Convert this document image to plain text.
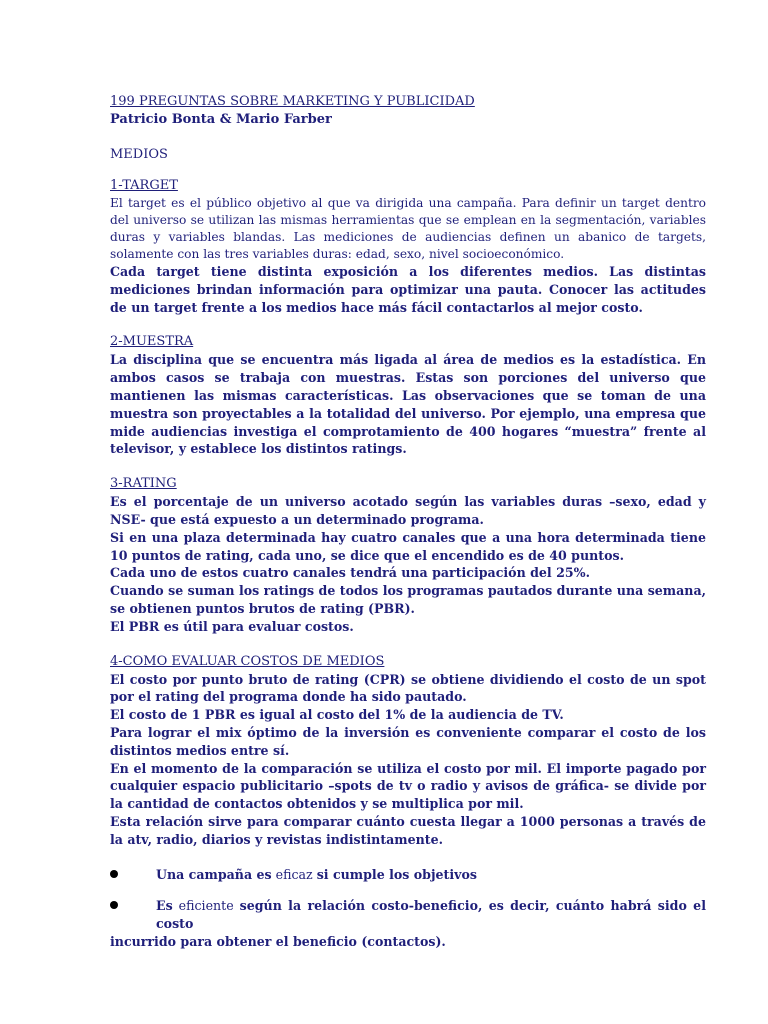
199 PREGUNTAS SOBRE MARKETING Y PUBLICIDAD

Patricio Bonta & Mario Farber

MEDIOS

1-TARGET

El target es el público objetivo al que va dirigida una campaña. Para definir un target dentro del universo se utilizan las mismas herramientas que se emplean en la segmentación, variables duras y variables blandas. Las mediciones de audiencias definen un abanico de targets, solamente con las tres variables duras: edad, sexo, nivel socioeconómico.

Cada target tiene distinta exposición a los diferentes medios. Las distintas mediciones brindan información para optimizar una pauta. Conocer las actitudes de un target frente a los medios hace más fácil contactarlos al mejor costo.

2-MUESTRA

La disciplina que se encuentra más ligada al área de medios es la estadística. En ambos casos se trabaja con muestras. Estas son porciones del universo que mantienen las mismas características. Las observaciones que se toman de una muestra son proyectables a la totalidad del universo. Por ejemplo, una empresa que mide audiencias investiga el comprotamiento de 400 hogares “muestra” frente al televisor, y establece los distintos ratings.

3-RATING

Es el porcentaje de un universo acotado según las variables duras –sexo, edad y NSE- que está expuesto a un determinado programa.

Si en una plaza determinada hay cuatro canales que a una hora determinada tiene 10 puntos de rating, cada uno, se dice que el encendido es de 40 puntos.

Cada uno de estos cuatro canales tendrá una participación del 25%.

Cuando se suman los ratings de todos los programas pautados durante una semana, se obtienen puntos brutos de rating (PBR).

El PBR es útil para evaluar costos.

4-COMO EVALUAR COSTOS DE MEDIOS

El costo por punto bruto de rating (CPR) se obtiene dividiendo el costo de un spot por el rating del programa donde ha sido pautado.

El costo de 1 PBR es igual al costo del 1% de la audiencia de TV.

Para lograr el mix óptimo de la inversión es conveniente comparar el costo de los distintos medios entre sí.

En el momento de la comparación se utiliza el costo por mil. El importe pagado por cualquier espacio publicitario –spots de tv o radio y avisos de gráfica- se divide por la cantidad de contactos obtenidos y se multiplica por mil.

Esta relación sirve para comparar cuánto cuesta llegar a 1000 personas a través de la atv, radio, diarios y revistas indistintamente.

Una campaña es eficaz si cumple los objetivos
Es eficiente según la relación costo-beneficio, es decir, cuánto habrá sido el costo

incurrido para obtener el beneficio (contactos).
